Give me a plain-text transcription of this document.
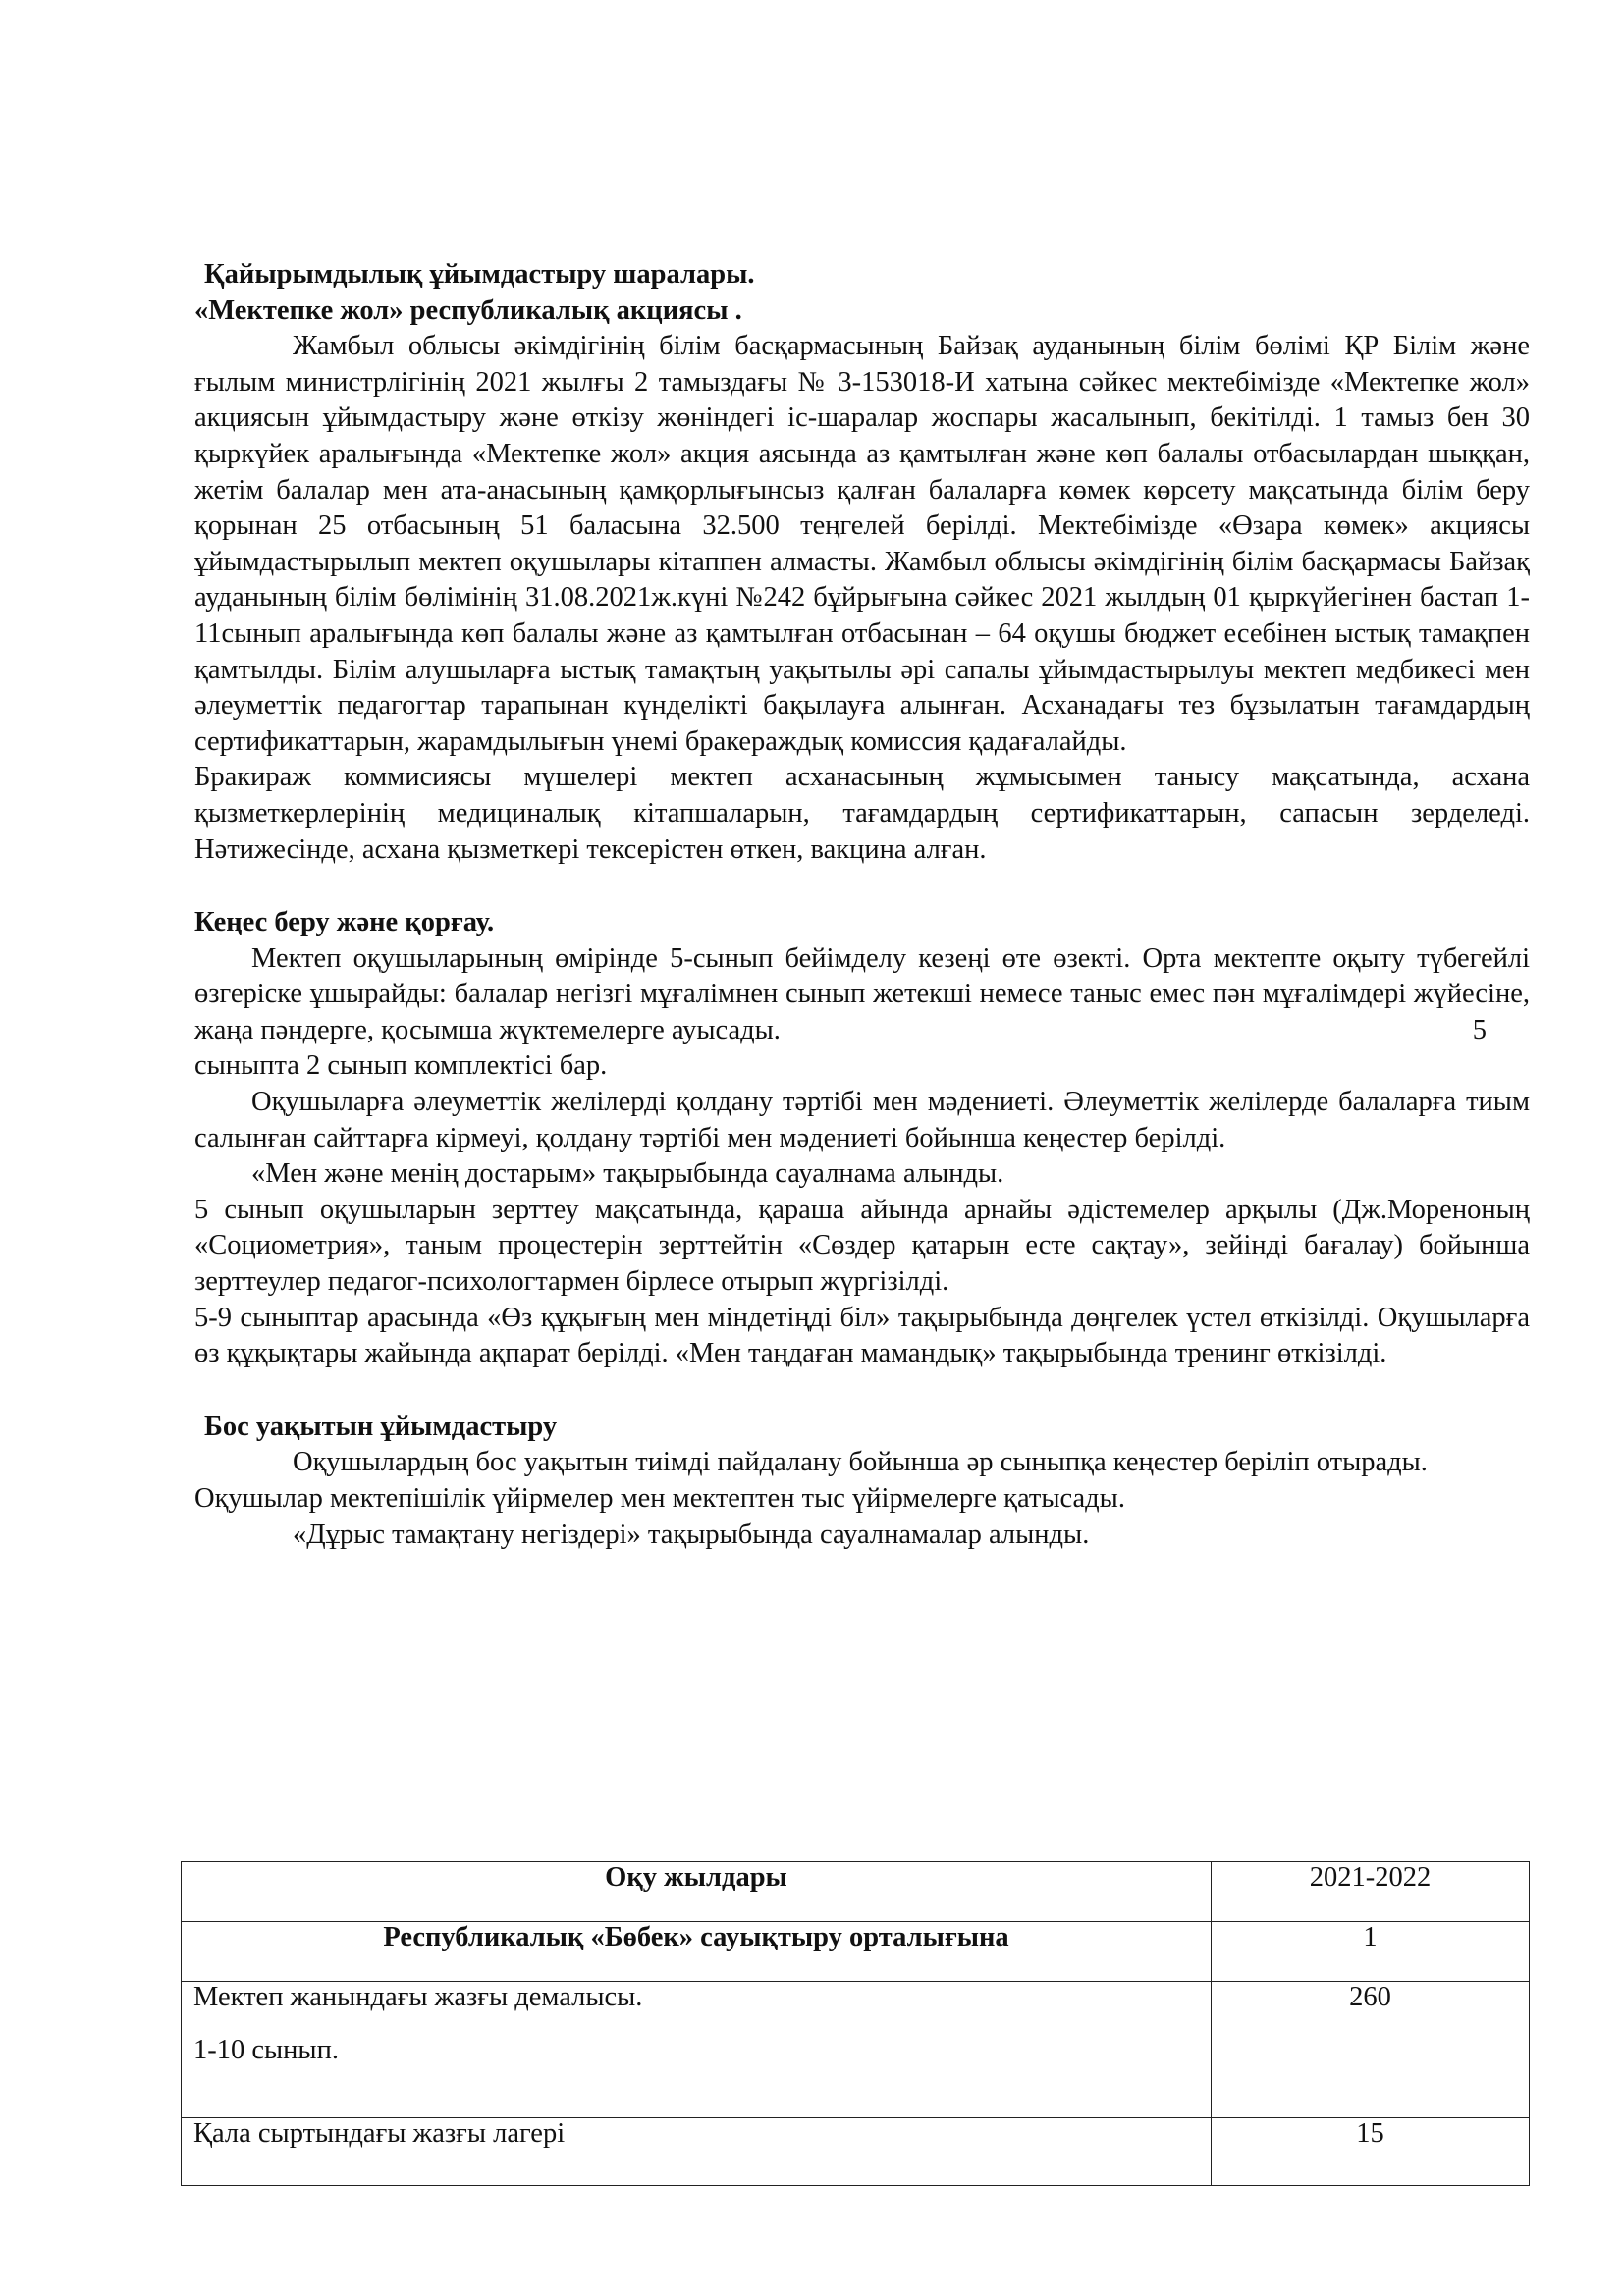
Қайырымдылық ұйымдастыру шаралары.

«Мектепке жол» республикалық акциясы .

Жамбыл облысы әкімдігінің білім басқармасының Байзақ ауданының білім бөлімі ҚР Білім және ғылым министрлігінің 2021 жылғы 2 тамыздағы № 3-153018-И хатына сәйкес мектебімізде «Мектепке жол» акциясын ұйымдастыру және өткізу жөніндегі іс-шаралар жоспары жасалынып, бекітілді. 1 тамыз бен 30 қыркүйек аралығында «Мектепке жол» акция аясында аз қамтылған және көп балалы отбасылардан шыққан, жетім балалар мен ата-анасының қамқорлығынсыз қалған балаларға көмек көрсету мақсатында білім беру қорынан 25 отбасының 51 баласына 32.500 теңгелей берілді. Мектебімізде «Өзара көмек» акциясы ұйымдастырылып мектеп оқушылары кітаппен алмасты. Жамбыл облысы әкімдігінің білім басқармасы Байзақ ауданының білім бөлімінің 31.08.2021ж.күні №242 бұйрығына сәйкес 2021 жылдың 01 қыркүйегінен бастап 1-11сынып аралығында көп балалы және аз қамтылған отбасынан – 64 оқушы бюджет есебінен ыстық тамақпен қамтылды. Білім алушыларға ыстық тамақтың уақытылы әрі сапалы ұйымдастырылуы мектеп медбикесі мен әлеуметтік педагогтар тарапынан күнделікті бақылауға алынған. Асханадағы тез бұзылатын тағамдардың сертификаттарын, жарамдылығын үнемі бракераждық комиссия қадағалайды.

Бракираж коммисиясы мүшелері мектеп асханасының жұмысымен танысу мақсатында, асхана қызметкерлерінің медициналық кітапшаларын, тағамдардың сертификаттарын, сапасын зерделеді. Нәтижесінде, асхана қызметкері тексерістен өткен, вакцина алған.

Кеңес беру және қорғау.

Мектеп оқушыларының өмірінде 5-сынып бейімделу кезеңі өте өзекті. Орта мектепте оқыту түбегейлі өзгеріске ұшырайды: балалар негізгі мұғалімнен сынып жетекші немесе таныс емес пән мұғалімдері жүйесіне, жаңа пәндерге, қосымша жүктемелерге ауысады.	5

сыныпта 2 сынып комплектісі бар.

Оқушыларға әлеуметтік желілерді қолдану тәртібі мен мәдениеті. Әлеуметтік желілерде балаларға тиым салынған сайттарға кірмеуі, қолдану тәртібі мен мәдениеті бойынша кеңестер берілді.

«Мен және менің достарым» тақырыбында сауалнама алынды.

5 сынып оқушыларын зерттеу мақсатында, қараша айында арнайы әдістемелер арқылы (Дж.Мореноның «Социометрия», таным процестерін зерттейтін «Сөздер қатарын есте сақтау», зейінді бағалау) бойынша зерттеулер педагог-психологтармен бірлесе отырып жүргізілді.

5-9 сыныптар арасында «Өз құқығың мен міндетіңді біл» тақырыбында дөңгелек үстел өткізілді. Оқушыларға өз құқықтары жайында ақпарат берілді. «Мен таңдаған мамандық» тақырыбында тренинг өткізілді.

Бос уақытын ұйымдастыру

Оқушылардың бос уақытын тиімді пайдалану бойынша әр сыныпқа кеңестер беріліп отырады.

Оқушылар мектепішілік үйірмелер мен мектептен тыс үйірмелерге қатысады.

«Дұрыс тамақтану негіздері» тақырыбында сауалнамалар алынды.

Оқу жылдары	2021-2022
Республикалық «Бөбек» сауықтыру орталығына	1

Мектеп жанындағы жазғы демалысы.
1-10 сынып.	260
Қала сыртындағы жазғы лагері	15
